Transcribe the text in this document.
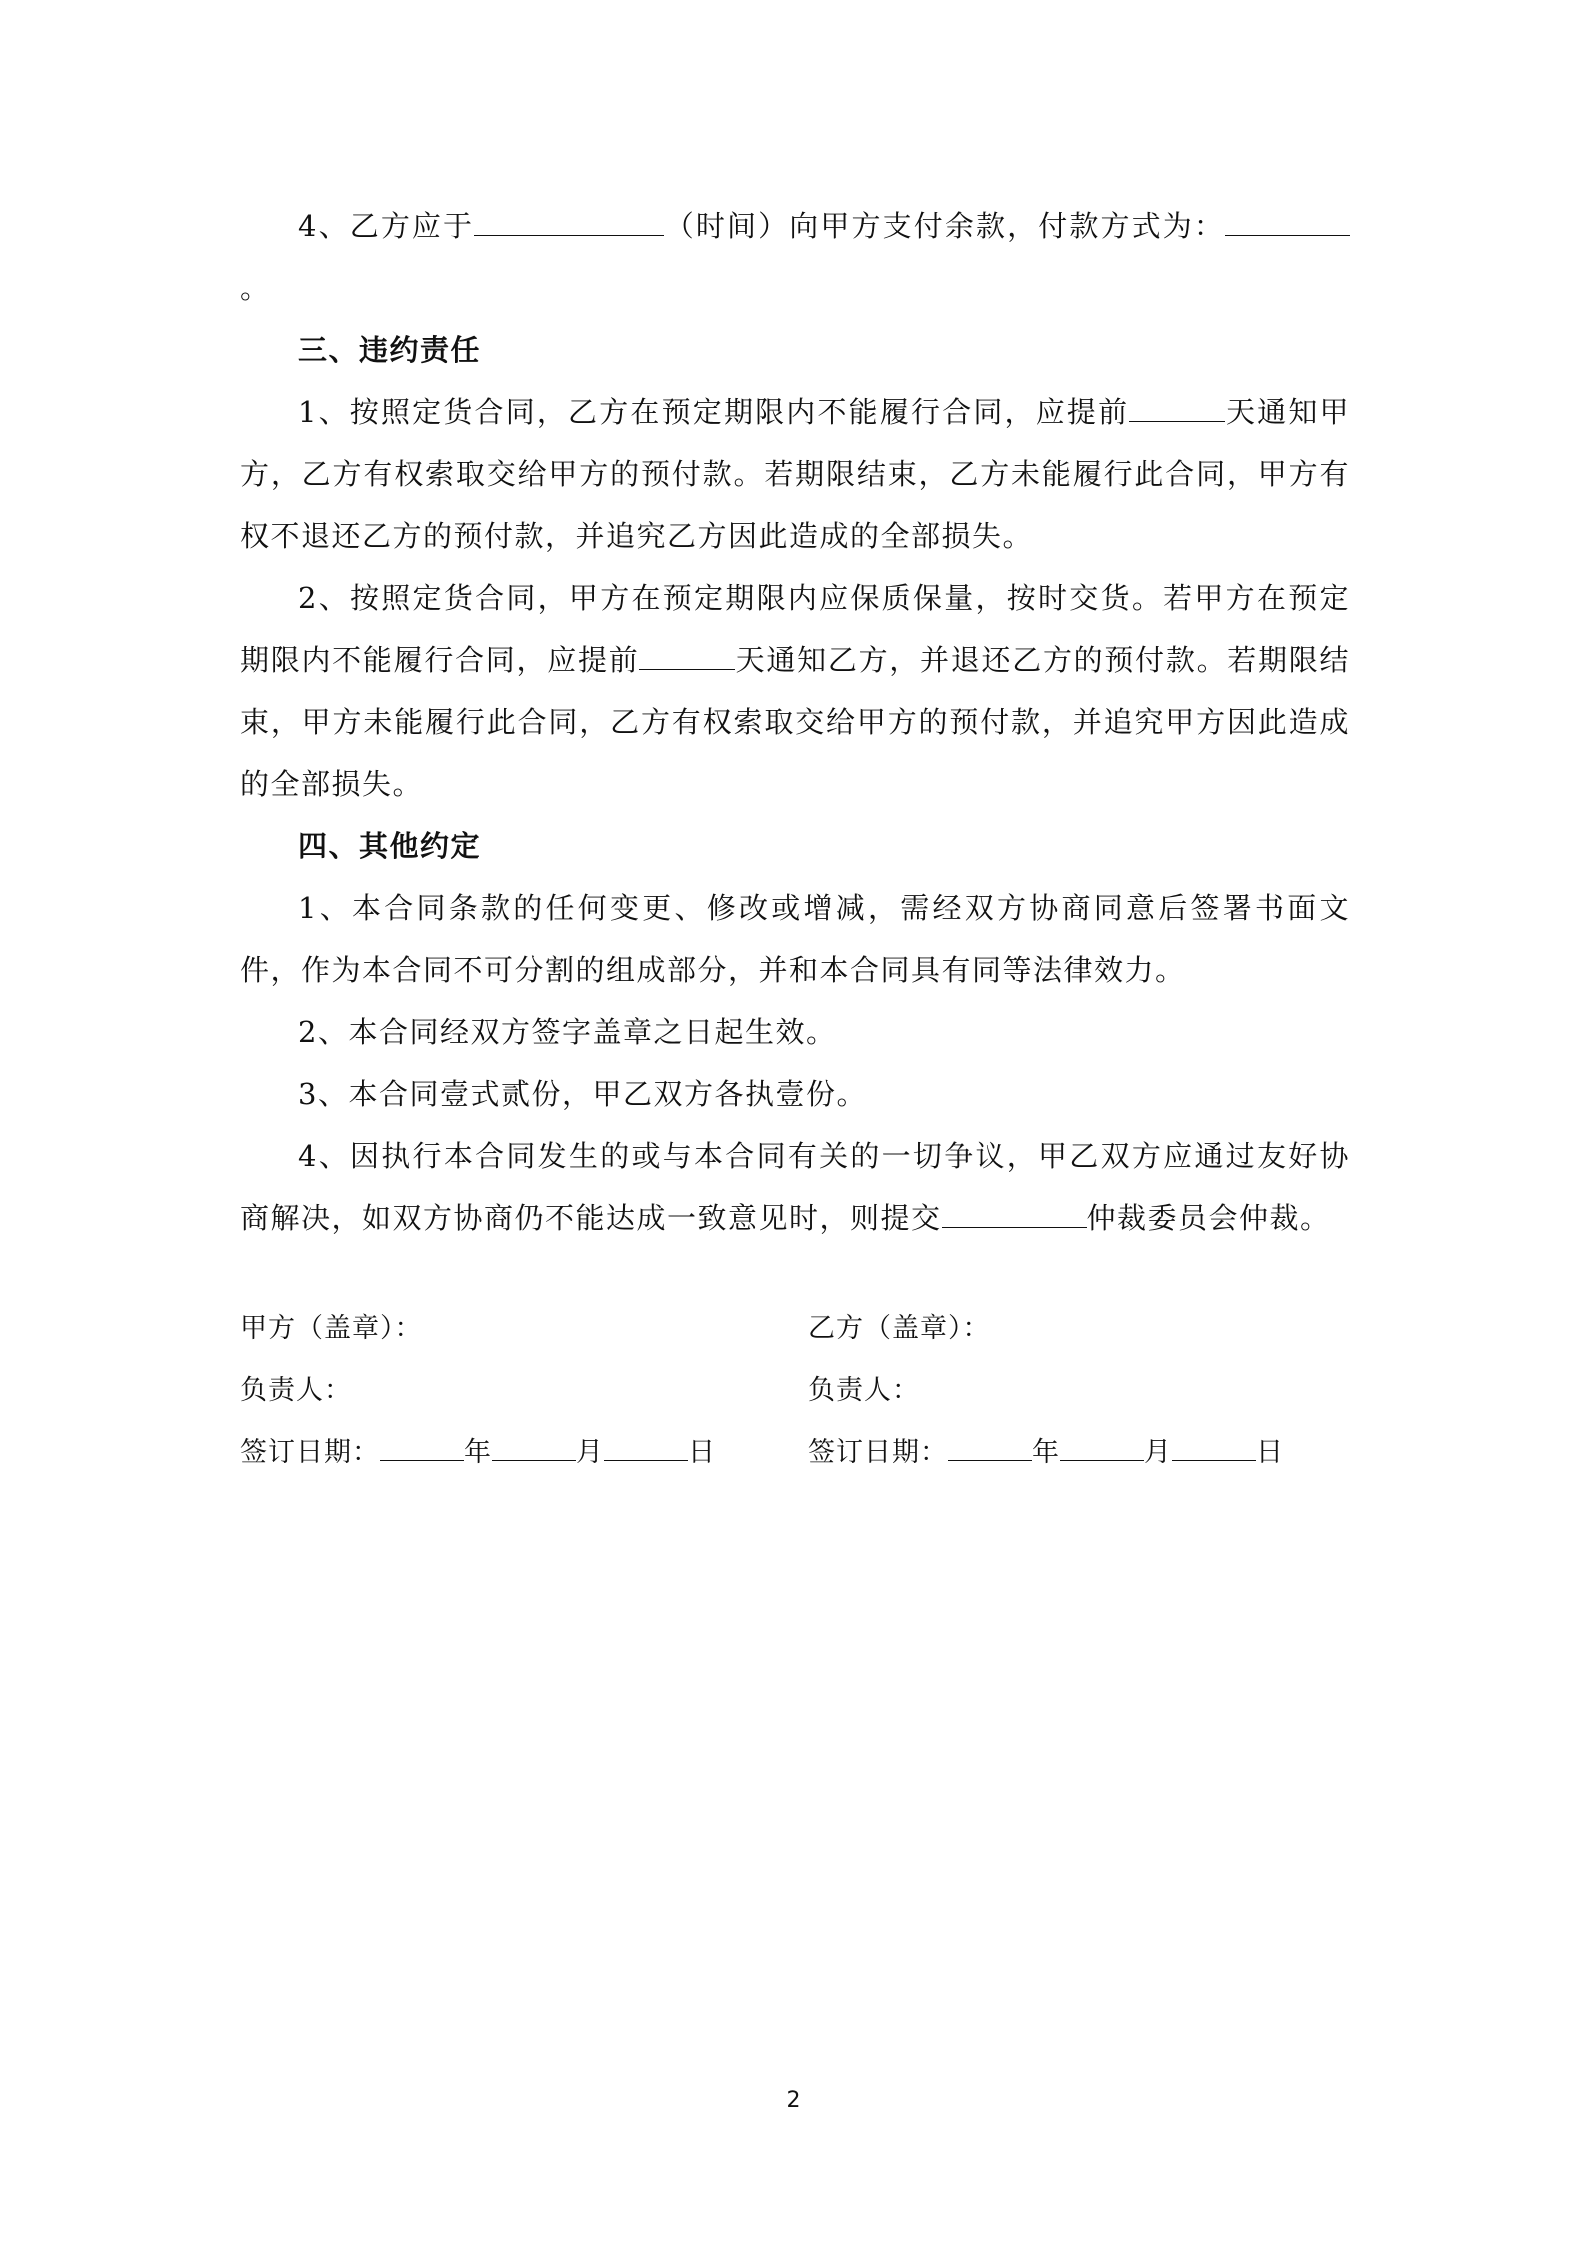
4、乙方应于	（时间）向甲方支付余款，付款方式为：。

三、违约责任

1、按照定货合同，乙方在预定期限内不能履行合同，应提前	天通知甲方，乙方有权索取交给甲方的预付款。若期限结束，乙方未能履行此合同，甲方有权不退还乙方的预付款，并追究乙方因此造成的全部损失。

2、按照定货合同，甲方在预定期限内应保质保量，按时交货。若甲方在预定期限内不能履行合同，应提前	天通知乙方，并退还乙方的预付款。若期限结束，甲方未能履行此合同，乙方有权索取交给甲方的预付款，并追究甲方因此造成的全部损失。

四、其他约定

1、本合同条款的任何变更、修改或增减，需经双方协商同意后签署书面文件，作为本合同不可分割的组成部分，并和本合同具有同等法律效力。

2、本合同经双方签字盖章之日起生效。

3、本合同壹式贰份，甲乙双方各执壹份。

4、因执行本合同发生的或与本合同有关的一切争议，甲乙双方应通过友好协商解决，如双方协商仍不能达成一致意见时，则提交	仲裁委员会仲裁。

甲方（盖章）：

负责人：

签订日期：	年	月	日

乙方（盖章）：

负责人：

签订日期：	年	月	日

2
